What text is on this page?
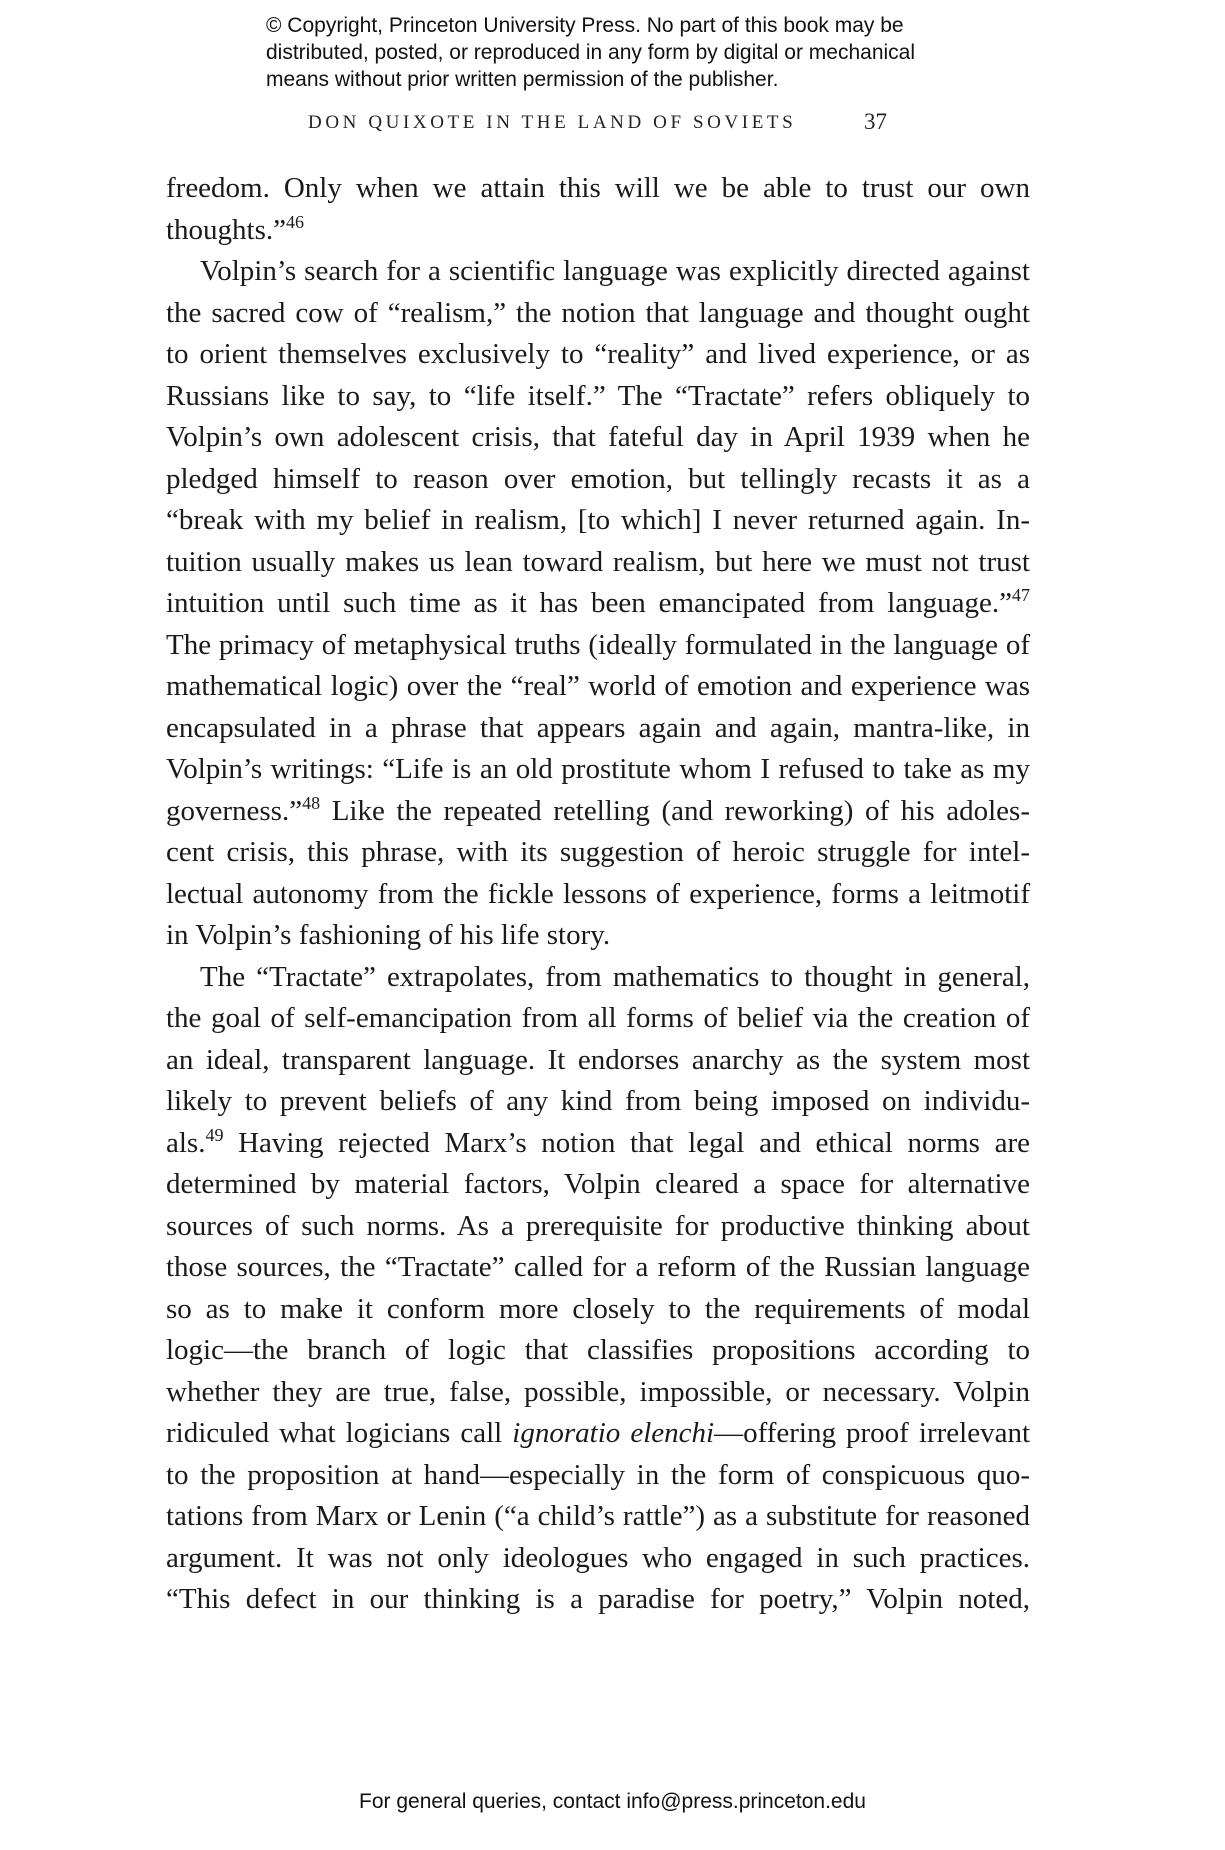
© Copyright, Princeton University Press. No part of this book may be
distributed, posted, or reproduced in any form by digital or mechanical
means without prior written permission of the publisher.
DON QUIXOTE IN THE LAND OF SOVIETS	37
freedom. Only when we attain this will we be able to trust our own
thoughts.”$^{46}$
Volpin’s search for a scientific language was explicitly directed against
the sacred cow of “realism,” the notion that language and thought ought
to orient themselves exclusively to “reality” and lived experience, or as
Russians like to say, to “life itself.” The “Tractate” refers obliquely to
Volpin’s own adolescent crisis, that fateful day in April 1939 when he
pledged himself to reason over emotion, but tellingly recasts it as a
“break with my belief in realism, [to which] I never returned again. In-
tuition usually makes us lean toward realism, but here we must not trust
intuition until such time as it has been emancipated from language.”$^{47}$
The primacy of metaphysical truths (ideally formulated in the language of
mathematical logic) over the “real” world of emotion and experience was
encapsulated in a phrase that appears again and again, mantra-like, in
Volpin’s writings: “Life is an old prostitute whom I refused to take as my
governess.”$^{48}$ Like the repeated retelling (and reworking) of his adoles-
cent crisis, this phrase, with its suggestion of heroic struggle for intel-
lectual autonomy from the fickle lessons of experience, forms a leitmotif
in Volpin’s fashioning of his life story.
The “Tractate” extrapolates, from mathematics to thought in general,
the goal of self-emancipation from all forms of belief via the creation of
an ideal, transparent language. It endorses anarchy as the system most
likely to prevent beliefs of any kind from being imposed on individu-
als.$^{49}$ Having rejected Marx’s notion that legal and ethical norms are
determined by material factors, Volpin cleared a space for alternative
sources of such norms. As a prerequisite for productive thinking about
those sources, the “Tractate” called for a reform of the Russian language
so as to make it conform more closely to the requirements of modal
logic—the branch of logic that classifies propositions according to
whether they are true, false, possible, impossible, or necessary. Volpin
ridiculed what logicians call ignoratio elenchi—offering proof irrelevant
to the proposition at hand—especially in the form of conspicuous quo-
tations from Marx or Lenin (“a child’s rattle”) as a substitute for reasoned
argument. It was not only ideologues who engaged in such practices.
“This defect in our thinking is a paradise for poetry,” Volpin noted,
For general queries, contact info@press.princeton.edu
